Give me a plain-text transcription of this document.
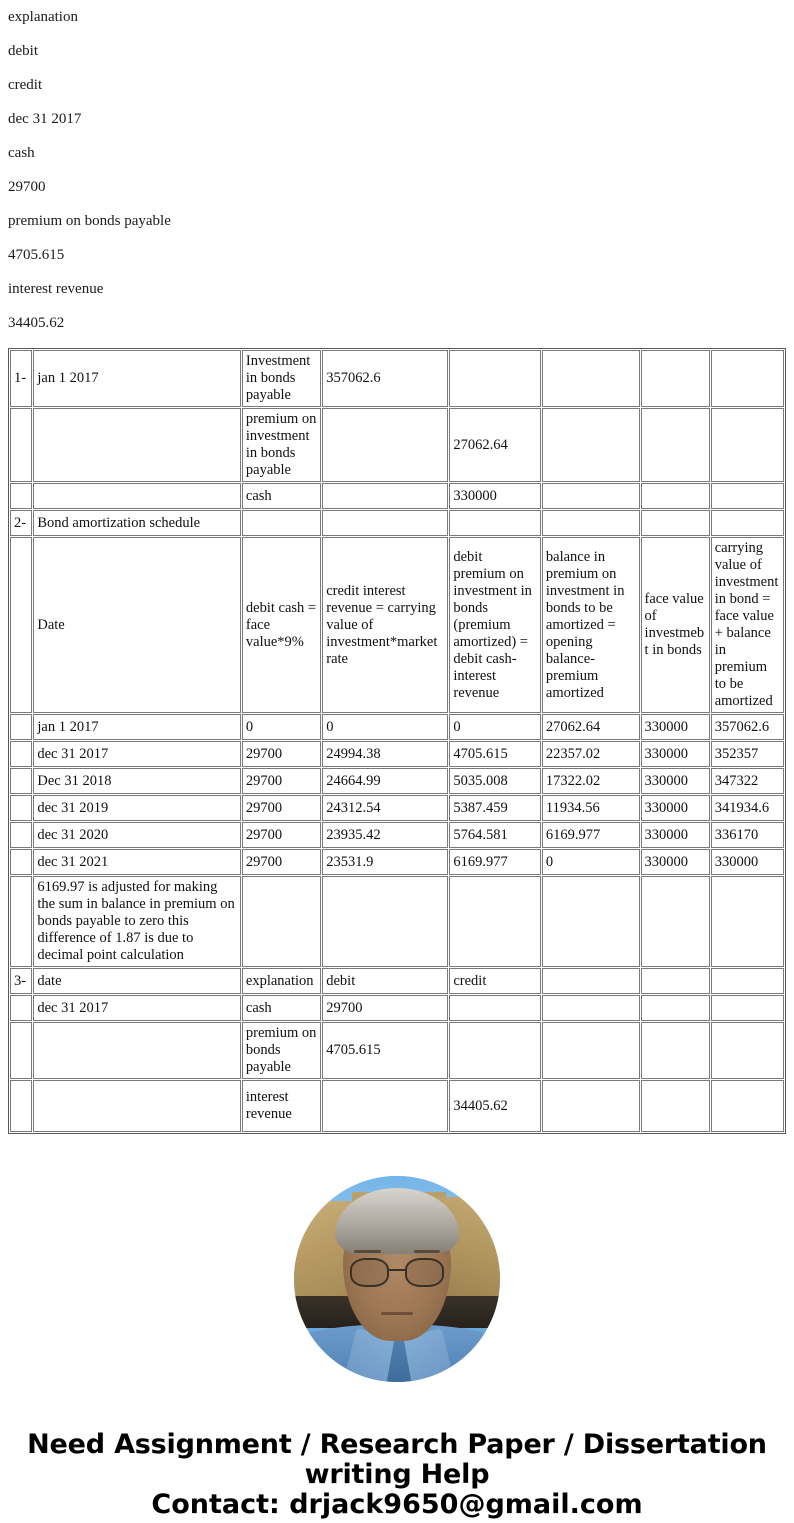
explanation
debit
credit
dec 31 2017
cash
29700
premium on bonds payable
4705.615
interest revenue
34405.62
1-	jan 1 2017	Investment in bonds payable	357062.6				
		premium on investment in bonds payable		27062.64			
		cash		330000			
2-	Bond amortization schedule						
	Date	debit cash = face value*9%	credit interest revenue = carrying value of investment*market rate	debit premium on investment in bonds (premium amortized) = debit cash- interest revenue	balance in premium on investment in bonds to be amortized = opening balance- premium amortized	face value of investmebt in bonds	carrying value of investment in bond = face value + balance in premium to be amortized
	jan 1 2017	0	0	0	27062.64	330000	357062.6
	dec 31 2017	29700	24994.38	4705.615	22357.02	330000	352357
	Dec 31 2018	29700	24664.99	5035.008	17322.02	330000	347322
	dec 31 2019	29700	24312.54	5387.459	11934.56	330000	341934.6
	dec 31 2020	29700	23935.42	5764.581	6169.977	330000	336170
	dec 31 2021	29700	23531.9	6169.977	0	330000	330000
	6169.97 is adjusted for making the sum in balance in premium on bonds payable to zero this difference of 1.87 is due to decimal point calculation						
3-	date	explanation	debit	credit			
	dec 31 2017	cash	29700				
		premium on bonds payable	4705.615				
		interest revenue		34405.62			
Need Assignment / Research Paper / Dissertation writing Help
Contact: drjack9650@gmail.com
